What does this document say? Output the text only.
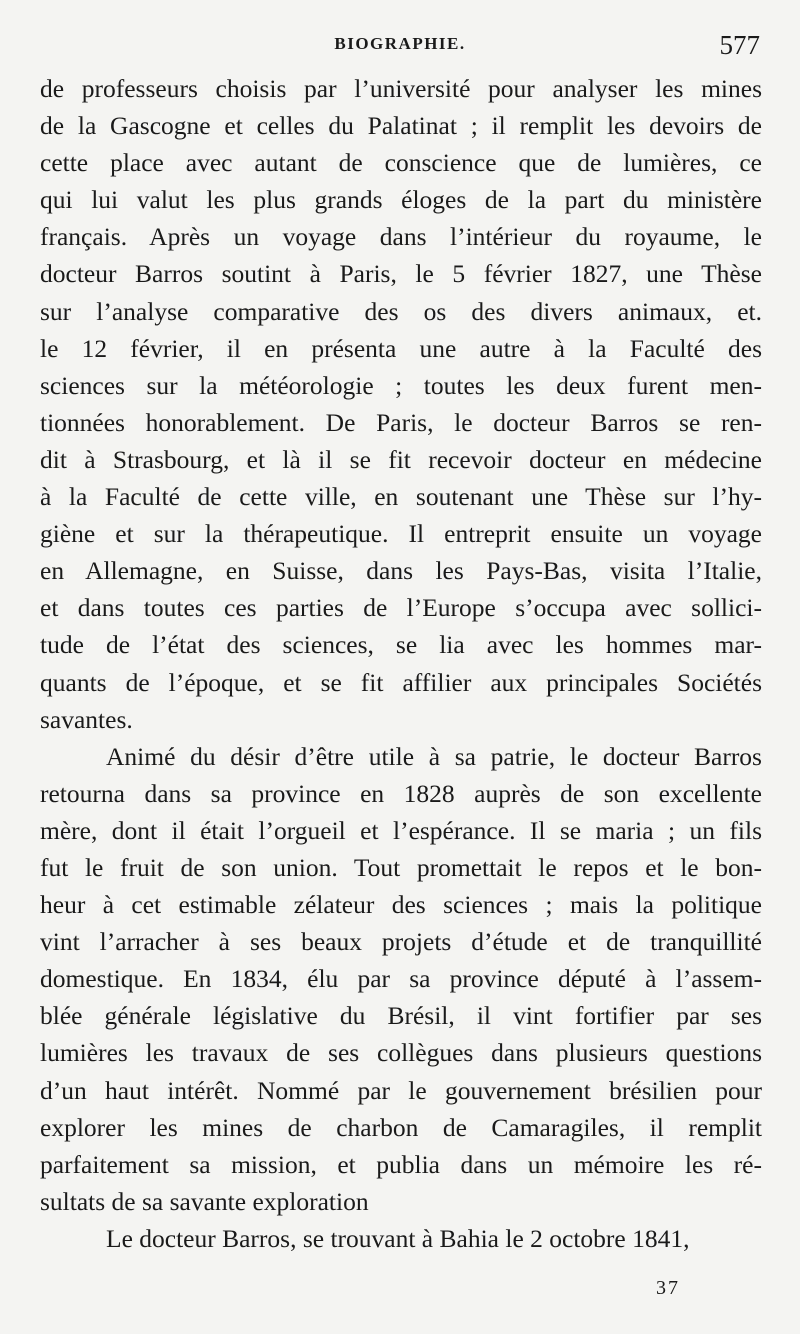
BIOGRAPHIE.	577
de professeurs choisis par l’université pour analyser les mines
de la Gascogne et celles du Palatinat ; il remplit les devoirs de
cette place avec autant de conscience que de lumières, ce
qui lui valut les plus grands éloges de la part du ministère
français. Après un voyage dans l’intérieur du royaume, le
docteur Barros soutint à Paris, le 5 février 1827, une Thèse
sur l’analyse comparative des os des divers animaux, et.
le 12 février, il en présenta une autre à la Faculté des
sciences sur la météorologie ; toutes les deux furent men-
tionnées honorablement. De Paris, le docteur Barros se ren-
dit à Strasbourg, et là il se fit recevoir docteur en médecine
à la Faculté de cette ville, en soutenant une Thèse sur l’hy-
giène et sur la thérapeutique. Il entreprit ensuite un voyage
en Allemagne, en Suisse, dans les Pays-Bas, visita l’Italie,
et dans toutes ces parties de l’Europe s’occupa avec sollici-
tude de l’état des sciences, se lia avec les hommes mar-
quants de l’époque, et se fit affilier aux principales Sociétés
savantes.
Animé du désir d’être utile à sa patrie, le docteur Barros
retourna dans sa province en 1828 auprès de son excellente
mère, dont il était l’orgueil et l’espérance. Il se maria ; un fils
fut le fruit de son union. Tout promettait le repos et le bon-
heur à cet estimable zélateur des sciences ; mais la politique
vint l’arracher à ses beaux projets d’étude et de tranquillité
domestique. En 1834, élu par sa province député à l’assem-
blée générale législative du Brésil, il vint fortifier par ses
lumières les travaux de ses collègues dans plusieurs questions
d’un haut intérêt. Nommé par le gouvernement brésilien pour
explorer les mines de charbon de Camaragiles, il remplit
parfaitement sa mission, et publia dans un mémoire les ré-
sultats de sa savante exploration
Le docteur Barros, se trouvant à Bahia le 2 octobre 1841,
37
